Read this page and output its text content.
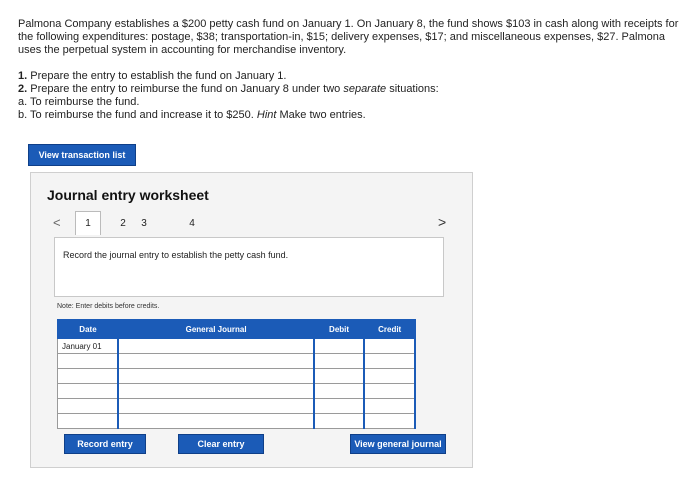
Palmona Company establishes a $200 petty cash fund on January 1. On January 8, the fund shows $103 in cash along with receipts for the following expenditures: postage, $38; transportation-in, $15; delivery expenses, $17; and miscellaneous expenses, $27. Palmona uses the perpetual system in accounting for merchandise inventory.

1. Prepare the entry to establish the fund on January 1.
2. Prepare the entry to reimburse the fund on January 8 under two separate situations:
a. To reimburse the fund.
b. To reimburse the fund and increase it to $250. Hint Make two entries.
View transaction list
Journal entry worksheet
<	1	2	3	4	>
Record the journal entry to establish the petty cash fund.
Note: Enter debits before credits.
Date	General Journal	Debit	Credit
January 01			

Record entry	Clear entry	View general journal
